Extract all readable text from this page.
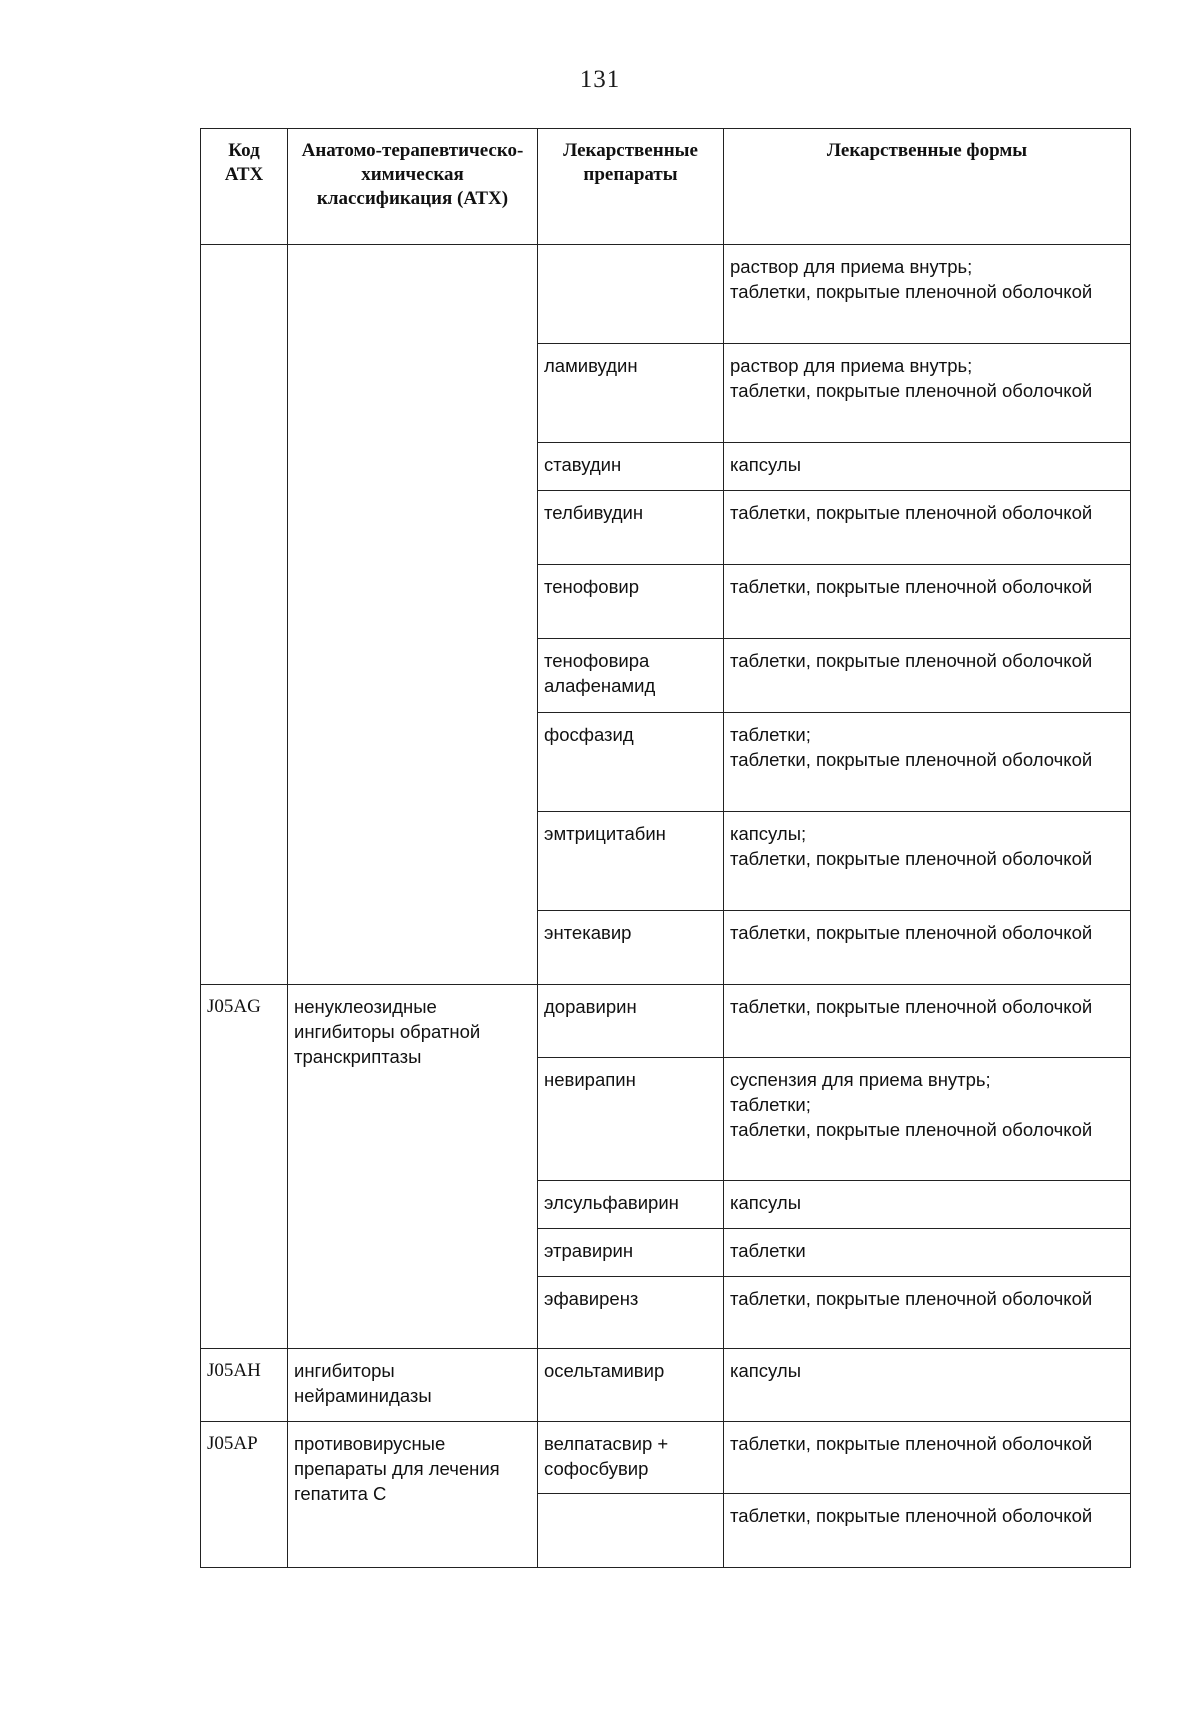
131
Код АТХ	Анатомо-терапевтическо-химическая классификация (АТХ)	Лекарственные препараты	Лекарственные формы

			раствор для приема внутрь;
таблетки, покрытые пленочной оболочкой

		ламивудин	раствор для приема внутрь;
таблетки, покрытые пленочной оболочкой

		ставудин	капсулы

		телбивудин	таблетки, покрытые пленочной оболочкой

		тенофовир	таблетки, покрытые пленочной оболочкой

		тенофовира алафенамид	таблетки, покрытые пленочной оболочкой

		фосфазид	таблетки;
таблетки, покрытые пленочной оболочкой

		эмтрицитабин	капсулы;
таблетки, покрытые пленочной оболочкой

		энтекавир	таблетки, покрытые пленочной оболочкой

J05AG	ненуклеозидные ингибиторы обратной транскриптазы	доравирин	таблетки, покрытые пленочной оболочкой

		невирапин	суспензия для приема внутрь;
таблетки;
таблетки, покрытые пленочной оболочкой

		элсульфавирин	капсулы

		этравирин	таблетки

		эфавиренз	таблетки, покрытые пленочной оболочкой

J05AH	ингибиторы нейраминидазы	осельтамивир	капсулы

J05AP	противовирусные препараты для лечения гепатита С	велпатасвир + софосбувир	таблетки, покрытые пленочной оболочкой

			таблетки, покрытые пленочной оболочкой
